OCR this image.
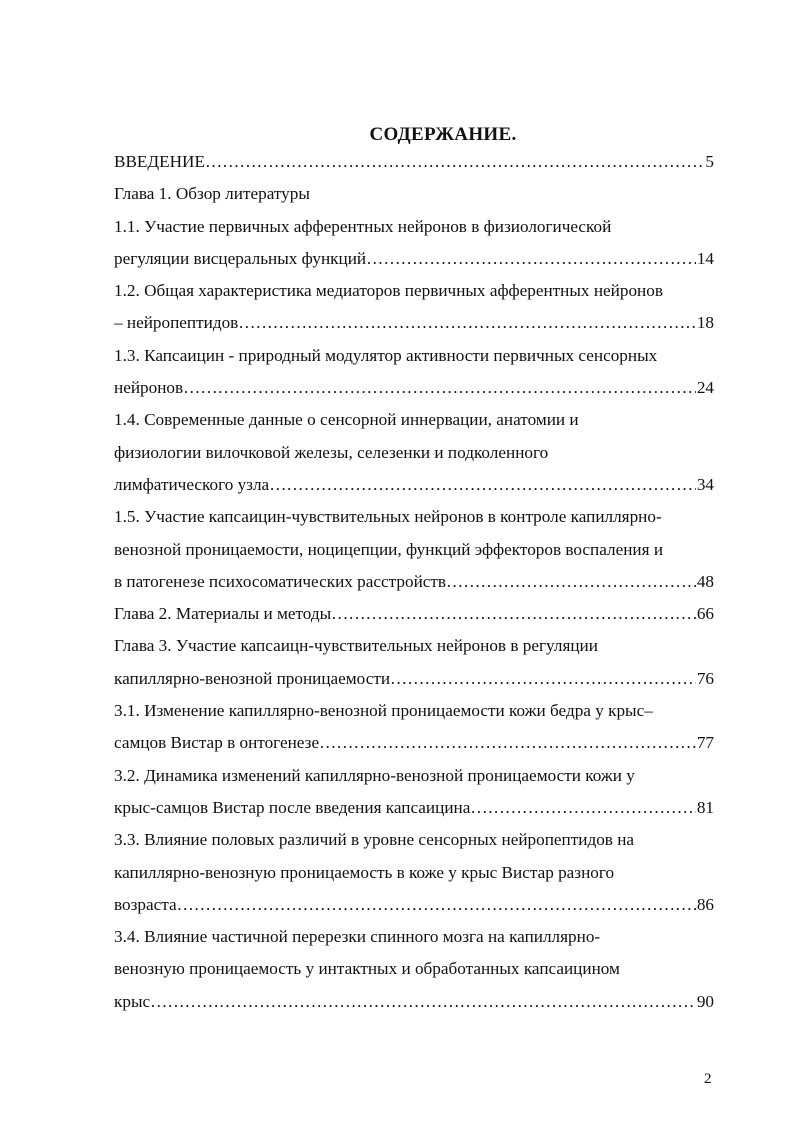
СОДЕРЖАНИЕ.
ВВЕДЕНИЕ ………………………………………………………………………………………………………………………………………………………………………………………………	5
Глава 1. Обзор литературы
1.1. Участие первичных афферентных нейронов в физиологической
регуляции висцеральных функций ………………………………………………………………………………………………………………………………………………………………………………………………	14
1.2. Общая характеристика медиаторов первичных афферентных нейронов
– нейропептидов ………………………………………………………………………………………………………………………………………………………………………………………………	18
1.3. Капсаицин - природный модулятор активности первичных сенсорных
нейронов ………………………………………………………………………………………………………………………………………………………………………………………………	24
1.4. Современные данные о сенсорной иннервации, анатомии и
физиологии вилочковой железы, селезенки и подколенного
лимфатического узла ………………………………………………………………………………………………………………………………………………………………………………………………	34
1.5. Участие капсаицин-чувствительных нейронов в контроле капиллярно-
венозной проницаемости, ноцицепции, функций эффекторов воспаления и
в патогенезе психосоматических расстройств ………………………………………………………………………………………………………………………………………………………………………………………………	48
Глава 2. Материалы и методы ………………………………………………………………………………………………………………………………………………………………………………………………	66
Глава 3. Участие капсаицн-чувствительных нейронов в регуляции
капиллярно-венозной проницаемости ………………………………………………………………………………………………………………………………………………………………………………………………	76
3.1. Изменение капиллярно-венозной проницаемости кожи бедра у крыс–
самцов Вистар в онтогенезе ………………………………………………………………………………………………………………………………………………………………………………………………	77
3.2. Динамика изменений капиллярно-венозной проницаемости кожи у
крыс-самцов Вистар после введения капсаицина ………………………………………………………………………………………………………………………………………………………………………………………………	81
3.3. Влияние половых различий в уровне сенсорных нейропептидов на
капиллярно-венозную проницаемость в коже у крыс Вистар разного
возраста ………………………………………………………………………………………………………………………………………………………………………………………………	86
3.4. Влияние частичной перерезки спинного мозга на капиллярно-
венозную проницаемость у интактных и обработанных капсаицином
крыс ………………………………………………………………………………………………………………………………………………………………………………………………	90
2
